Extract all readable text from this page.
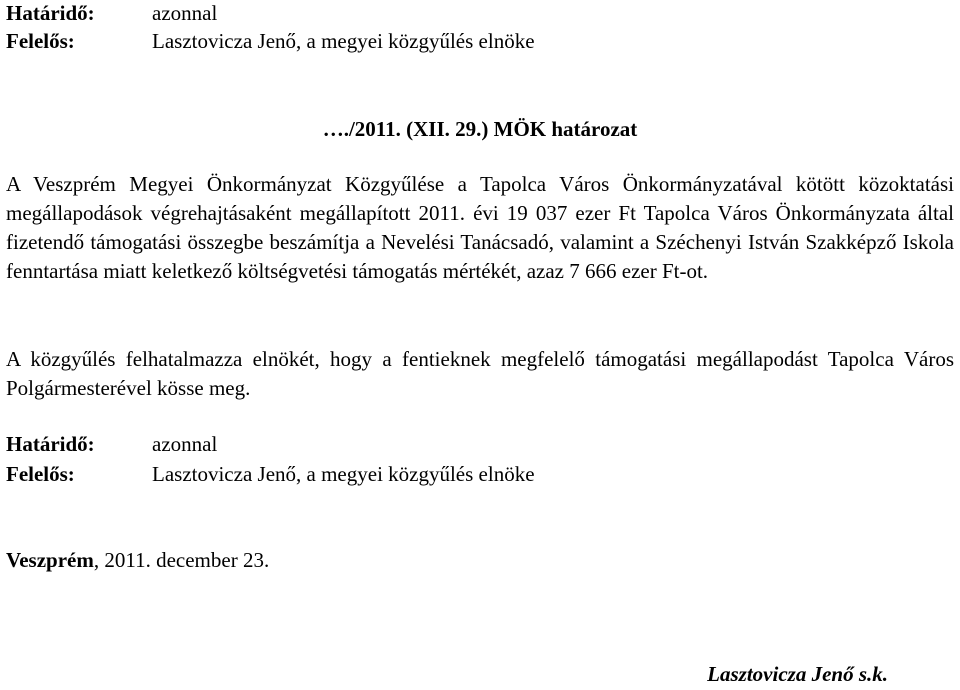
Határidő:	azonnal
Felelős:	Lasztovicza Jenő, a megyei közgyűlés elnöke
…./2011. (XII. 29.) MÖK határozat

A Veszprém Megyei Önkormányzat Közgyűlése a Tapolca Város Önkormányzatával kötött közoktatási megállapodások végrehajtásaként megállapított 2011. évi 19 037 ezer Ft Tapolca Város Önkormányzata által fizetendő támogatási összegbe beszámítja a Nevelési Tanácsadó, valamint a Széchenyi István Szakképző Iskola fenntartása miatt keletkező költségvetési támogatás mértékét, azaz 7 666 ezer Ft-ot.

A közgyűlés felhatalmazza elnökét, hogy a fentieknek megfelelő támogatási megállapodást Tapolca Város Polgármesterével kösse meg.

Határidő:	azonnal
Felelős:	Lasztovicza Jenő, a megyei közgyűlés elnöke
Veszprém, 2011. december 23.
Lasztovicza Jenő s.k.
